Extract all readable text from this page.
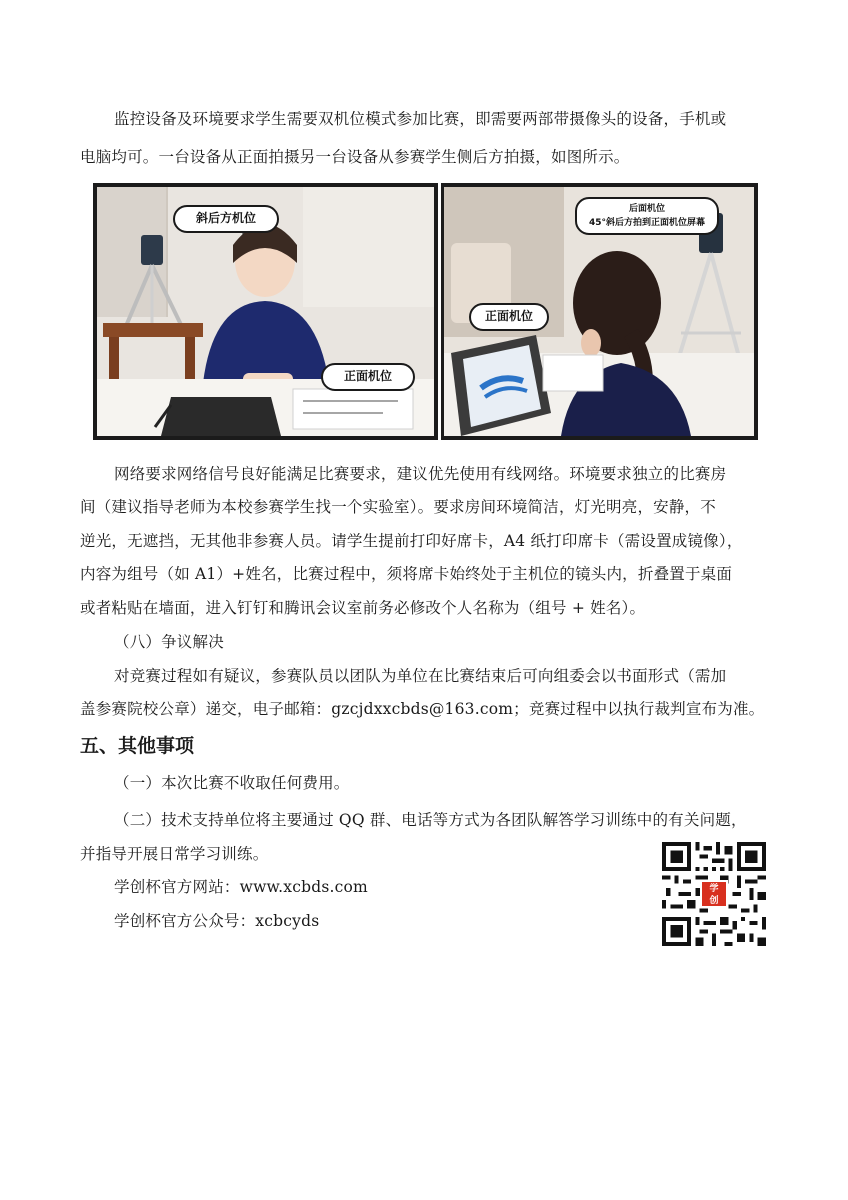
监控设备及环境要求学生需要双机位模式参加比赛，即需要两部带摄像头的设备，手机或
电脑均可。一台设备从正面拍摄另一台设备从参赛学生侧后方拍摄，如图所示。
斜后方机位
正面机位
后面机位
45°斜后方拍到正面机位屏幕
正面机位
网络要求网络信号良好能满足比赛要求，建议优先使用有线网络。环境要求独立的比赛房
间（建议指导老师为本校参赛学生找一个实验室）。要求房间环境简洁，灯光明亮，安静，不
逆光，无遮挡，无其他非参赛人员。请学生提前打印好席卡，A4 纸打印席卡（需设置成镜像），
内容为组号（如 A1）+姓名，比赛过程中，须将席卡始终处于主机位的镜头内，折叠置于桌面
或者粘贴在墙面，进入钉钉和腾讯会议室前务必修改个人名称为（组号 + 姓名）。
（八）争议解决
对竞赛过程如有疑议，参赛队员以团队为单位在比赛结束后可向组委会以书面形式（需加
盖参赛院校公章）递交，电子邮箱：gzcjdxxcbds@163.com；竞赛过程中以执行裁判宣布为准。
五、其他事项
（一）本次比赛不收取任何费用。
（二）技术支持单位将主要通过 QQ 群、电话等方式为各团队解答学习训练中的有关问题，
并指导开展日常学习训练。
学创杯官方网站：www.xcbds.com
学创杯官方公众号：xcbcyds
学
创
